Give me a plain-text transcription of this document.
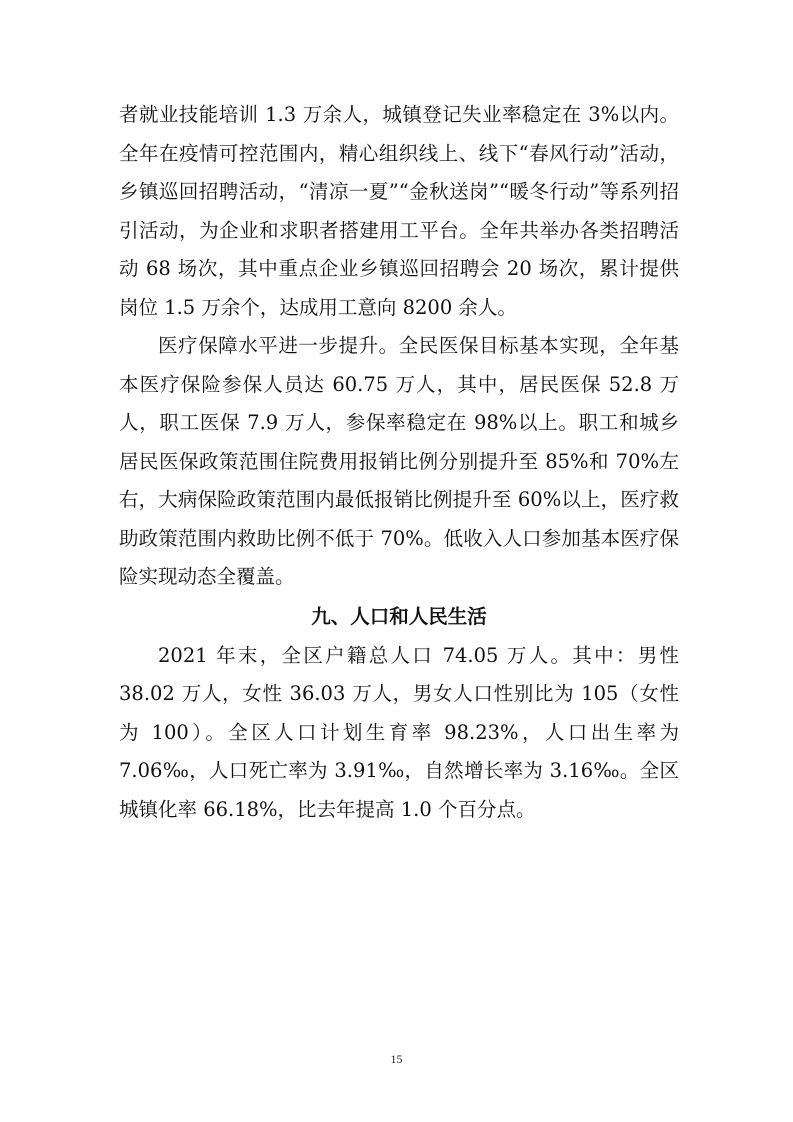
者就业技能培训 1.3 万余人，城镇登记失业率稳定在 3%以内。全年在疫情可控范围内，精心组织线上、线下“春风行动”活动，乡镇巡回招聘活动，“清凉一夏”“金秋送岗”“暖冬行动”等系列招引活动，为企业和求职者搭建用工平台。全年共举办各类招聘活动 68 场次，其中重点企业乡镇巡回招聘会 20 场次，累计提供岗位 1.5 万余个，达成用工意向 8200 余人。

医疗保障水平进一步提升。全民医保目标基本实现，全年基本医疗保险参保人员达 60.75 万人，其中，居民医保 52.8 万人，职工医保 7.9 万人，参保率稳定在 98%以上。职工和城乡居民医保政策范围住院费用报销比例分别提升至 85%和 70%左右，大病保险政策范围内最低报销比例提升至 60%以上，医疗救助政策范围内救助比例不低于 70%。低收入人口参加基本医疗保险实现动态全覆盖。

九、人口和人民生活

2021 年末，全区户籍总人口 74.05 万人。其中：男性 38.02 万人，女性 36.03 万人，男女人口性别比为 105（女性为 100）。全区人口计划生育率 98.23%，人口出生率为 7.06‰，人口死亡率为 3.91‰，自然增长率为 3.16‰。全区城镇化率 66.18%，比去年提高 1.0 个百分点。

15
